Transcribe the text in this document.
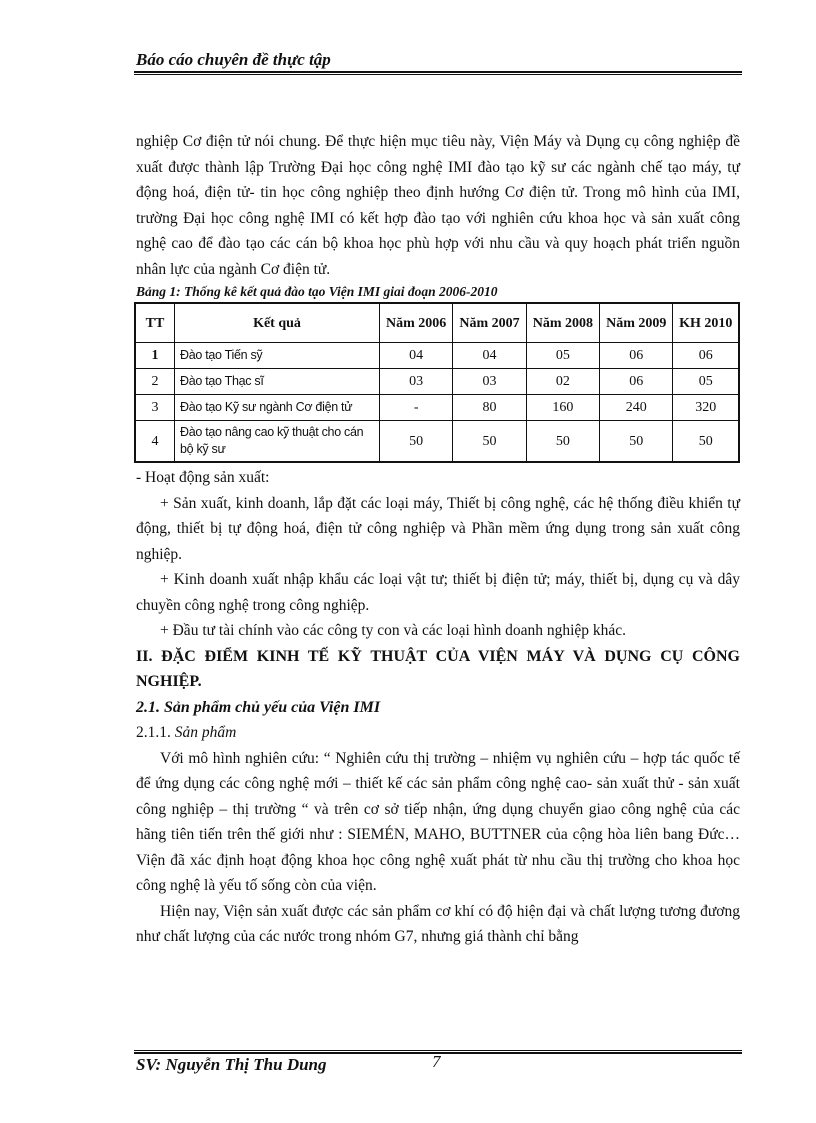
Báo cáo chuyên đề thực tập

nghiệp Cơ điện tử nói chung. Để thực hiện mục tiêu này, Viện Máy và Dụng cụ công nghiệp đề xuất được thành lập Trường Đại học công nghệ IMI đào tạo kỹ sư các ngành chế tạo máy, tự động hoá, điện tử- tin học công nghiệp theo định hướng Cơ điện tử. Trong mô hình của IMI, trường Đại học công nghệ IMI có kết hợp đào tạo với nghiên cứu khoa học và sản xuất công nghệ cao để đào tạo các cán bộ khoa học phù hợp với nhu cầu và quy hoạch phát triển nguồn nhân lực của ngành Cơ điện tử.

Bảng 1: Thống kê kết quả đào tạo Viện IMI giai đoạn 2006-2010

TT	Kết quả	Năm 2006	Năm 2007	Năm 2008	Năm 2009	KH 2010
1	Đào tạo Tiến sỹ	04	04	05	06	06
2	Đào tạo Thạc sĩ	03	03	02	06	05
3	Đào tạo Kỹ sư ngành Cơ điện tử	-	80	160	240	320
4	Đào tạo nâng cao kỹ thuật cho cán bộ kỹ sư	50	50	50	50	50

- Hoạt động sản xuất:

+ Sản xuất, kinh doanh, lắp đặt các loại máy, Thiết bị công nghệ, các hệ thống điều khiển tự động, thiết bị tự động hoá, điện tử công nghiệp và Phần mềm ứng dụng trong sản xuất công nghiệp.

+ Kinh doanh xuất nhập khẩu các loại vật tư; thiết bị điện tử; máy, thiết bị, dụng cụ và dây chuyền công nghệ trong công nghiệp.

+ Đầu tư tài chính vào các công ty con và các loại hình doanh nghiệp khác.

II. ĐẶC ĐIỂM KINH TẾ KỸ THUẬT CỦA VIỆN MÁY VÀ DỤNG CỤ CÔNG NGHIỆP.

2.1. Sản phẩm chủ yếu của Viện IMI

2.1.1. Sản phẩm

Với mô hình nghiên cứu: “ Nghiên cứu thị trường – nhiệm vụ nghiên cứu – hợp tác quốc tế để ứng dụng các công nghệ mới – thiết kế các sản phẩm công nghệ cao- sản xuất thử - sản xuất công nghiệp – thị trường “ và trên cơ sở tiếp nhận, ứng dụng chuyển giao công nghệ của các hãng tiên tiến trên thế giới như : SIEMÉN, MAHO, BUTTNER của cộng hòa liên bang Đức…Viện đã xác định hoạt động khoa học công nghệ xuất phát từ nhu cầu thị trường cho khoa học công nghệ là yếu tố sống còn của viện.

Hiện nay, Viện sản xuất được các sản phẩm cơ khí có độ hiện đại và chất lượng tương đương như chất lượng của các nước trong nhóm G7, nhưng giá thành chỉ bằng

SV: Nguyễn Thị Thu Dung	7
